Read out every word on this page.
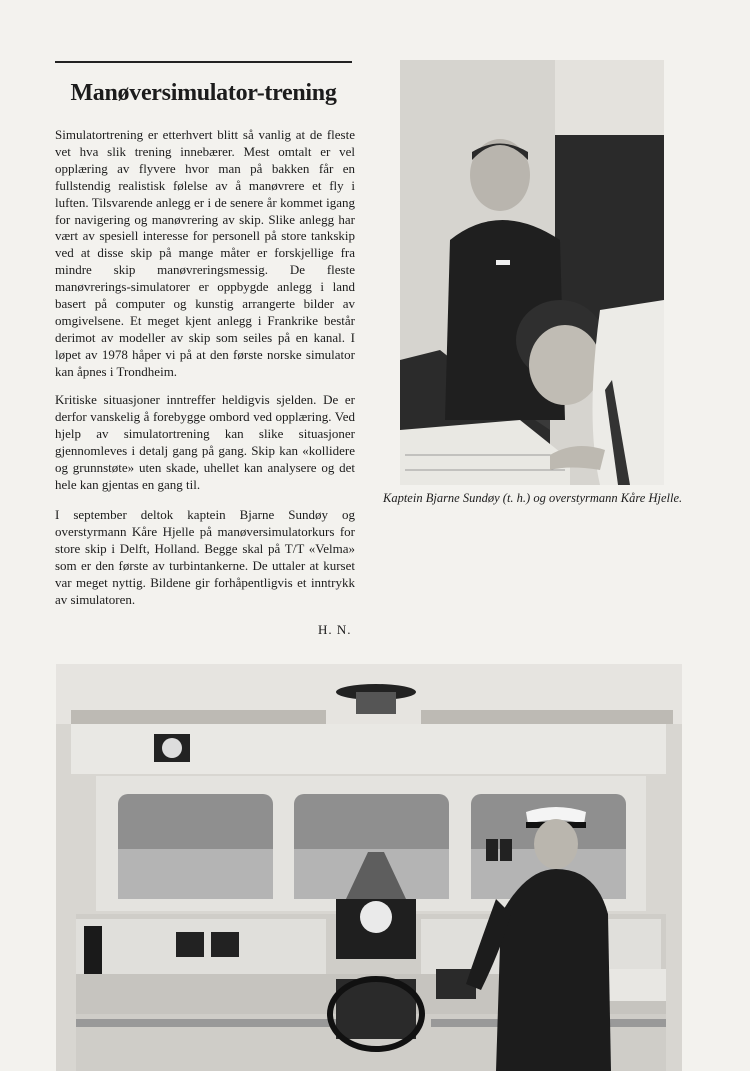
Manøversimulator-trening

Simulatortrening er etterhvert blitt så vanlig at de fleste vet hva slik trening innebærer. Mest omtalt er vel opplæring av flyvere hvor man på bakken får en fullstendig realistisk følelse av å manøvrere et fly i luften. Tilsvarende anlegg er i de senere år kommet igang for navigering og manøvrering av skip. Slike anlegg har vært av spesiell interesse for personell på store tankskip ved at disse skip på mange måter er forskjellige fra mindre skip manøvreringsmessig. De fleste manøvrerings-simulatorer er oppbygde anlegg i land basert på computer og kunstig arrangerte bilder av omgivelsene. Et meget kjent anlegg i Frankrike består derimot av modeller av skip som seiles på en kanal. I løpet av 1978 håper vi på at den første norske simulator kan åpnes i Trondheim.

Kritiske situasjoner inntreffer heldigvis sjelden. De er derfor vanskelig å forebygge ombord ved opplæring. Ved hjelp av simulatortrening kan slike situasjoner gjennomleves i detalj gang på gang. Skip kan «kollidere og grunnstøte» uten skade, uhellet kan analysere og det hele kan gjentas en gang til.

I september deltok kaptein Bjarne Sundøy og overstyrmann Kåre Hjelle på manøversimulatorkurs for store skip i Delft, Holland. Begge skal på T/T «Velma» som er den første av turbintankerne. De uttaler at kurset var meget nyttig. Bildene gir forhåpentligvis et inntrykk av simulatoren.

H. N.

Kaptein Bjarne Sundøy (t. h.) og overstyrmann Kåre Hjelle.
